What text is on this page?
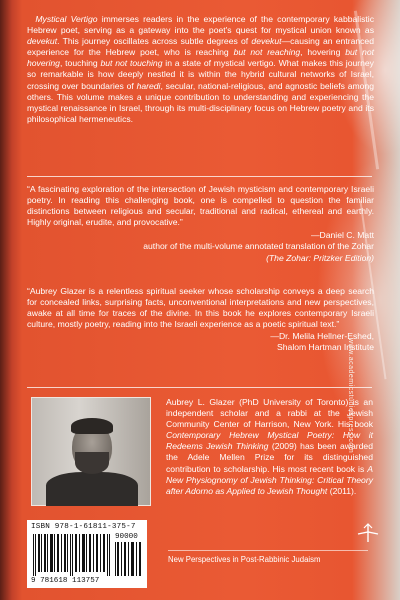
Mystical Vertigo immerses readers in the experience of the contemporary kabbalistic Hebrew poet, serving as a gateway into the poet's quest for mystical union known as devekut. This journey oscillates across subtle degrees of devekut—causing an entranced experience for the Hebrew poet, who is reaching but not reaching, hovering but not hovering, touching but not touching in a state of mystical vertigo. What makes this journey so remarkable is how deeply nestled it is within the hybrid cultural networks of Israel, crossing over boundaries of haredi, secular, national-religious, and agnostic beliefs among others. This volume makes a unique contribution to understanding and experiencing the mystical renaissance in Israel, through its multi-disciplinary focus on Hebrew poetry and its philosophical hermeneutics.

“A fascinating exploration of the intersection of Jewish mysticism and contemporary Israeli poetry. In reading this challenging book, one is compelled to question the familiar distinctions between religious and secular, traditional and radical, ethereal and earthly. Highly original, erudite, and provocative.”

—Daniel C. Matt

author of the multi-volume annotated translation of the Zohar

(The Zohar: Pritzker Edition)

“Aubrey Glazer is a relentless spiritual seeker whose scholarship conveys a deep search for concealed links, surprising facts, unconventional interpretations and new perspectives, awake at all time for traces of the divine. In this book he explores contemporary Israeli culture, mostly poetry, reading into the Israeli experience as a poetic spiritual text.”

—Dr. Melila Hellner-Eshed,

Shalom Hartman Institute

Aubrey L. Glazer (PhD University of Toronto) is an independent scholar and a rabbi at the Jewish Community Center of Harrison, New York. His book Contemporary Hebrew Mystical Poetry: How it Redeems Jewish Thinking (2009) has been awarded the Adele Mellen Prize for its distinguished contribution to scholarship. His most recent book is A New Physiognomy of Jewish Thinking: Critical Theory after Adorno as Applied to Jewish Thought (2011).

ISBN 978-1-61811-375-7
90000
9 781618 113757
New Perspectives in Post-Rabbinic Judaism
www.academicstudiespress.com
